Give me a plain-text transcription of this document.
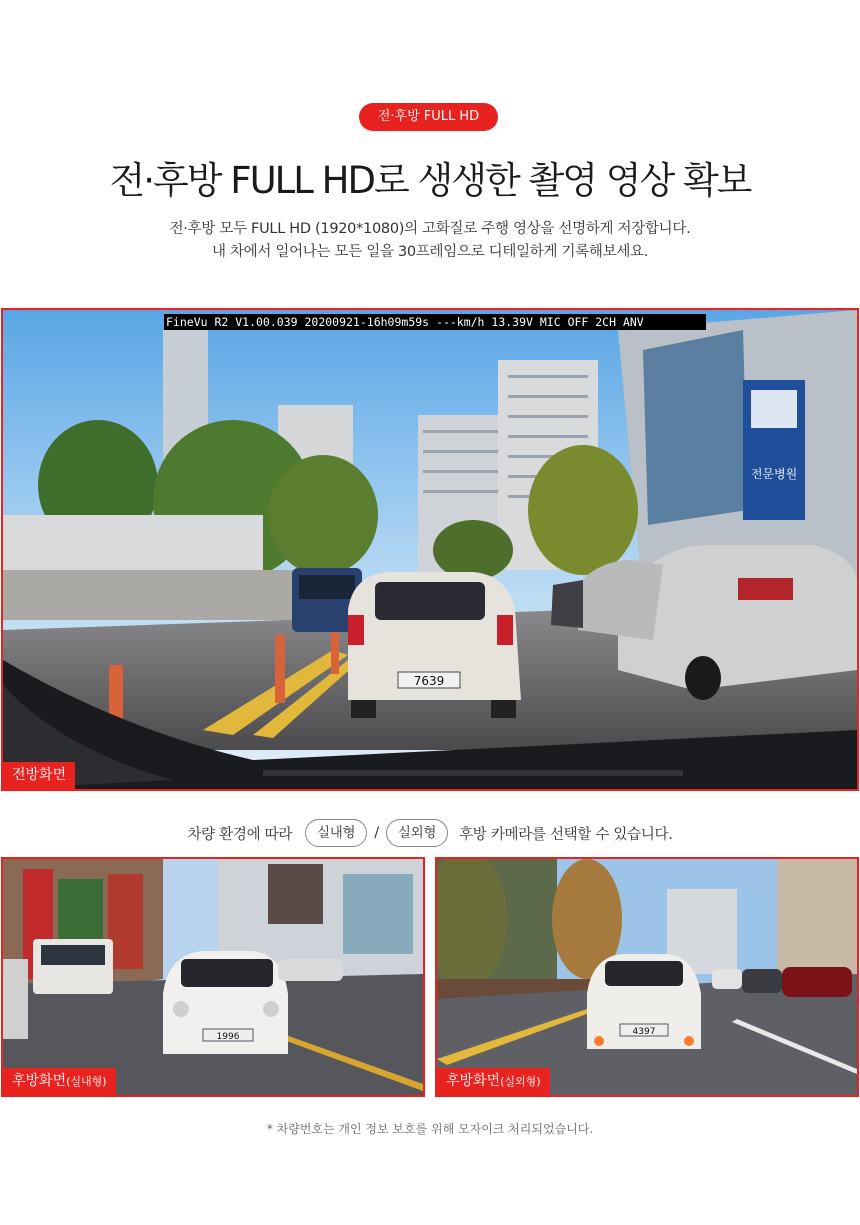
전·후방 FULL HD
전·후방 FULL HD로 생생한 촬영 영상 확보
전·후방 모두 FULL HD (1920*1080)의 고화질로 주행 영상을 선명하게 저장합니다.
내 차에서 일어나는 모든 일을 30프레임으로 디테일하게 기록해보세요.
전문병원
7639
FineVu R2 V1.00.039 20200921-16h09m59s ---km/h 13.39V MIC OFF 2CH ANV
전방화면
차량 환경에 따라	실내형	/	실외형	후방 카메라를 선택할 수 있습니다.
1996
후방화면(실내형)
4397
후방화면(실외형)
* 차량번호는 개인 정보 보호를 위해 모자이크 처리되었습니다.
